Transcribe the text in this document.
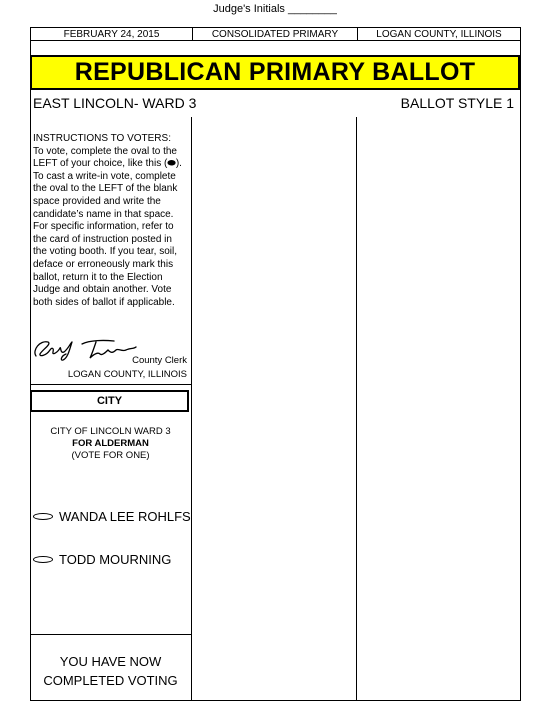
Judge's Initials ________
FEBRUARY 24, 2015	CONSOLIDATED PRIMARY	LOGAN COUNTY, ILLINOIS
REPUBLICAN PRIMARY BALLOT
EAST LINCOLN- WARD 3	BALLOT STYLE 1
INSTRUCTIONS TO VOTERS:
To vote, complete the oval to the
LEFT of your choice, like this (⬬).
To cast a write-in vote, complete
the oval to the LEFT of the blank
space provided and write the
candidate’s name in that space.
For specific information, refer to
the card of instruction posted in
the voting booth. If you tear, soil,
deface or erroneously mark this
ballot, return it to the Election
Judge and obtain another. Vote
both sides of ballot if applicable.
County Clerk
LOGAN COUNTY, ILLINOIS
CITY
CITY OF LINCOLN WARD 3
FOR ALDERMAN
(VOTE FOR ONE)
WANDA LEE ROHLFS
TODD MOURNING
YOU HAVE NOW
COMPLETED VOTING
